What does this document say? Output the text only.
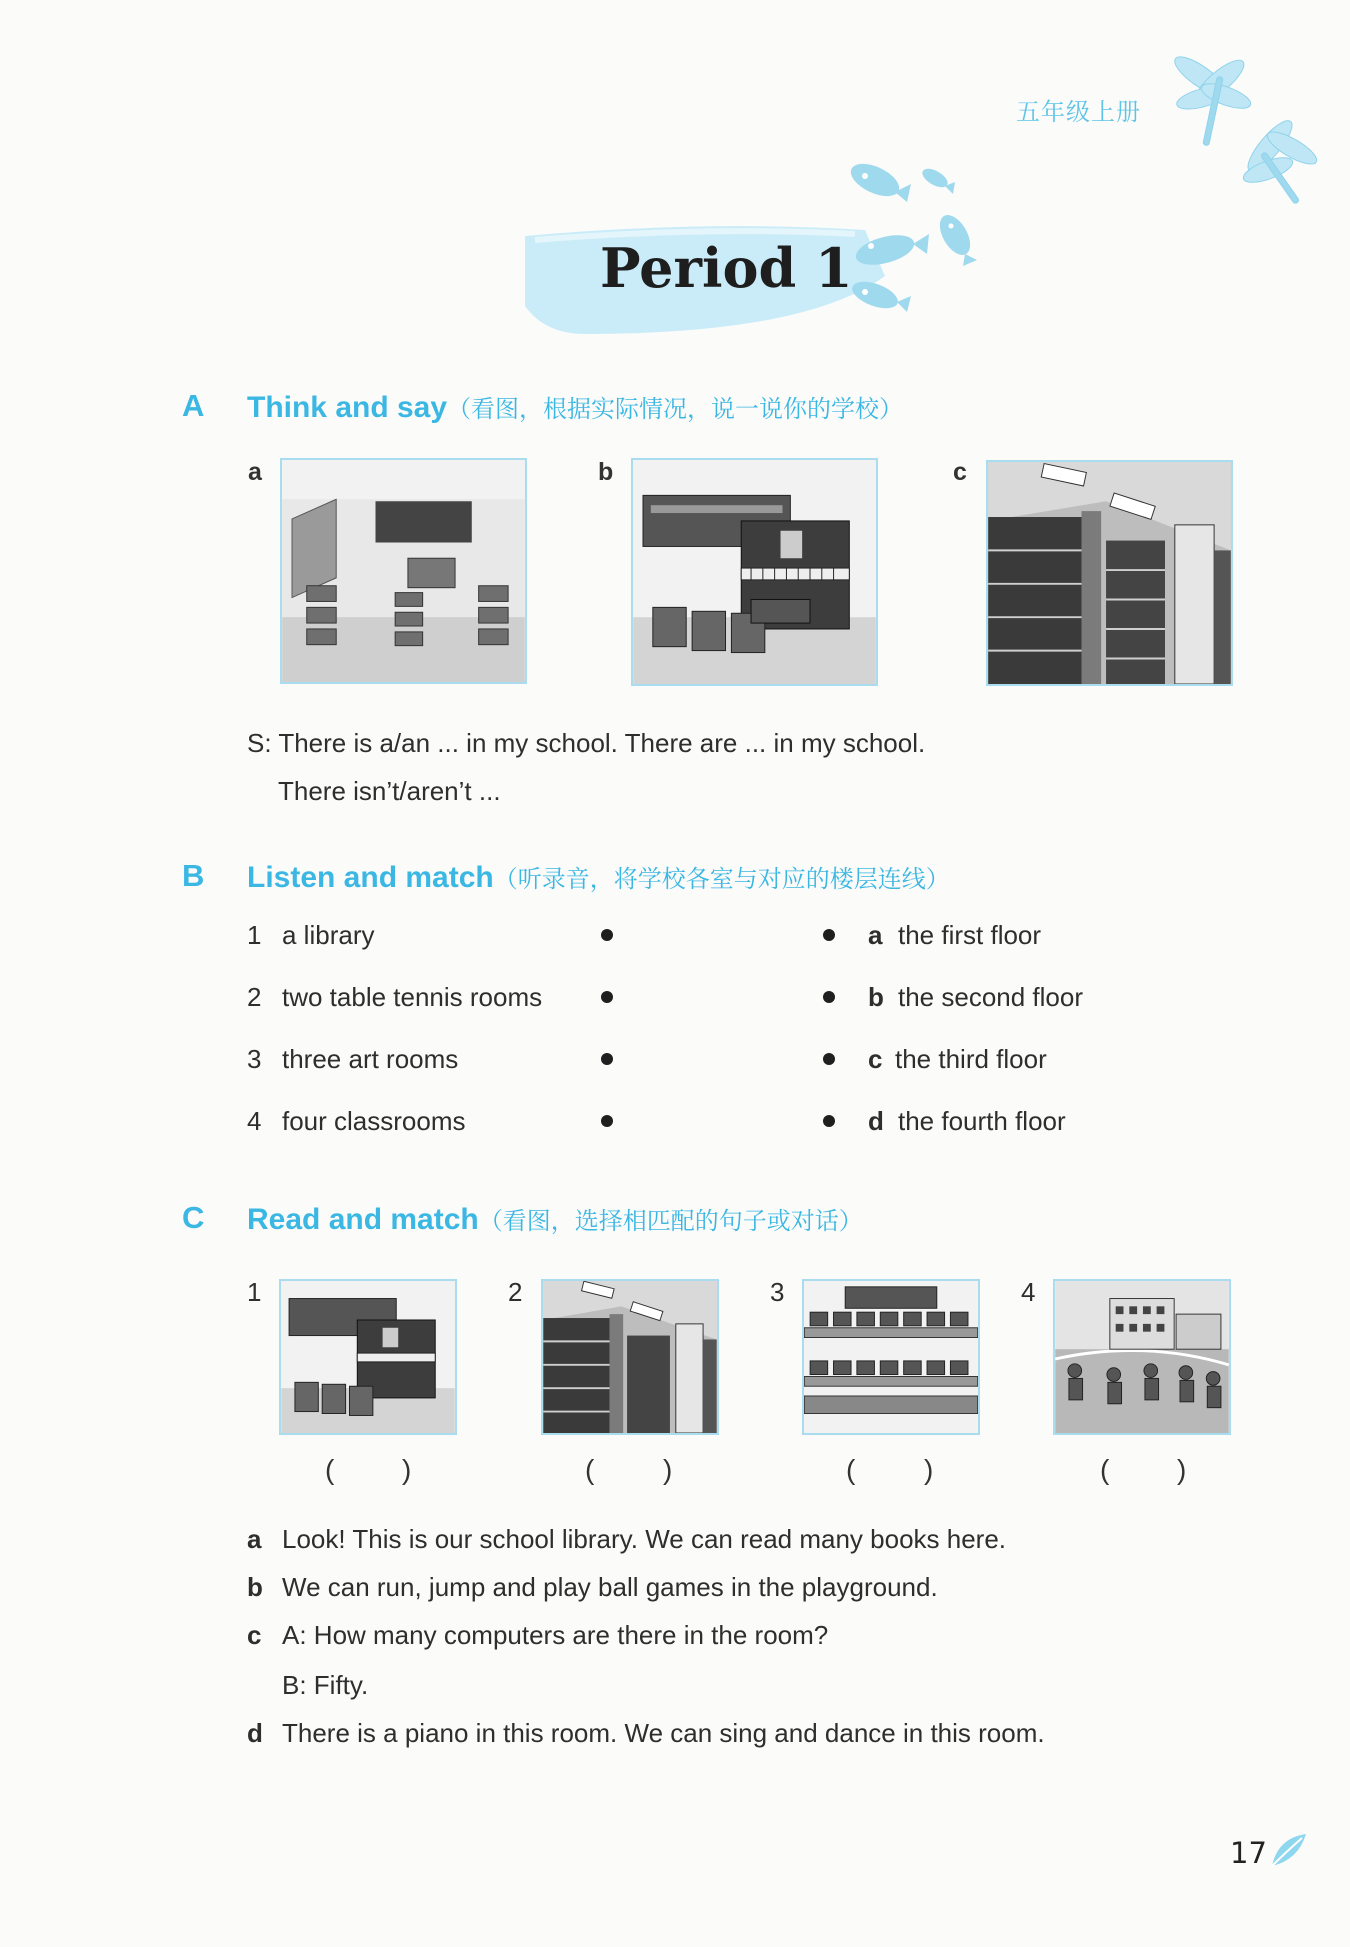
五年级上册
Period 1
A Think and say（看图，根据实际情况，说一说你的学校）
a	b	c
S: There is a/an ... in my school. There are ... in my school.
There isn’t/aren’t ...
B Listen and match（听录音，将学校各室与对应的楼层连线）
1 a library	a the first floor
2 two table tennis rooms	b the second floor
3 three art rooms	c the third floor
4 four classrooms	d the fourth floor
C Read and match（看图，选择相匹配的句子或对话）
1
( )
2
( )
3
( )
4
( )
a Look! This is our school library. We can read many books here.
b We can run, jump and play ball games in the playground.
c A: How many computers are there in the room?
B: Fifty.
d There is a piano in this room. We can sing and dance in this room.
17
